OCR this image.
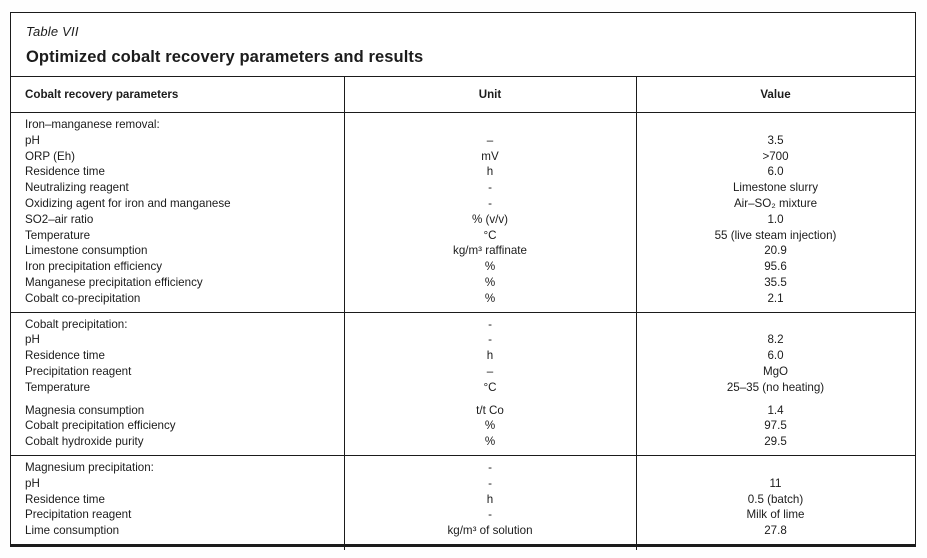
Table VII
Optimized cobalt recovery parameters and results
Cobalt recovery parameters	Unit	Value
Iron–manganese removal:
pH	–	3.5
ORP (Eh)	mV	>700
Residence time	h	6.0
Neutralizing reagent	-	Limestone slurry
Oxidizing agent for iron and manganese	-	Air–SO₂ mixture
SO2–air ratio	% (v/v)	1.0
Temperature	°C	55 (live steam injection)
Limestone consumption	kg/m³ raffinate	20.9
Iron precipitation efficiency	%	95.6
Manganese precipitation efficiency	%	35.5
Cobalt co-precipitation	%	2.1
Cobalt precipitation:	-
pH	-	8.2
Residence time	h	6.0
Precipitation reagent	–	MgO
Temperature	°C	25–35 (no heating)
Magnesia consumption	t/t Co	1.4
Cobalt precipitation efficiency	%	97.5
Cobalt hydroxide purity	%	29.5
Magnesium precipitation:	-
pH	-	11
Residence time	h	0.5 (batch)
Precipitation reagent	-	Milk of lime
Lime consumption	kg/m³ of solution	27.8
